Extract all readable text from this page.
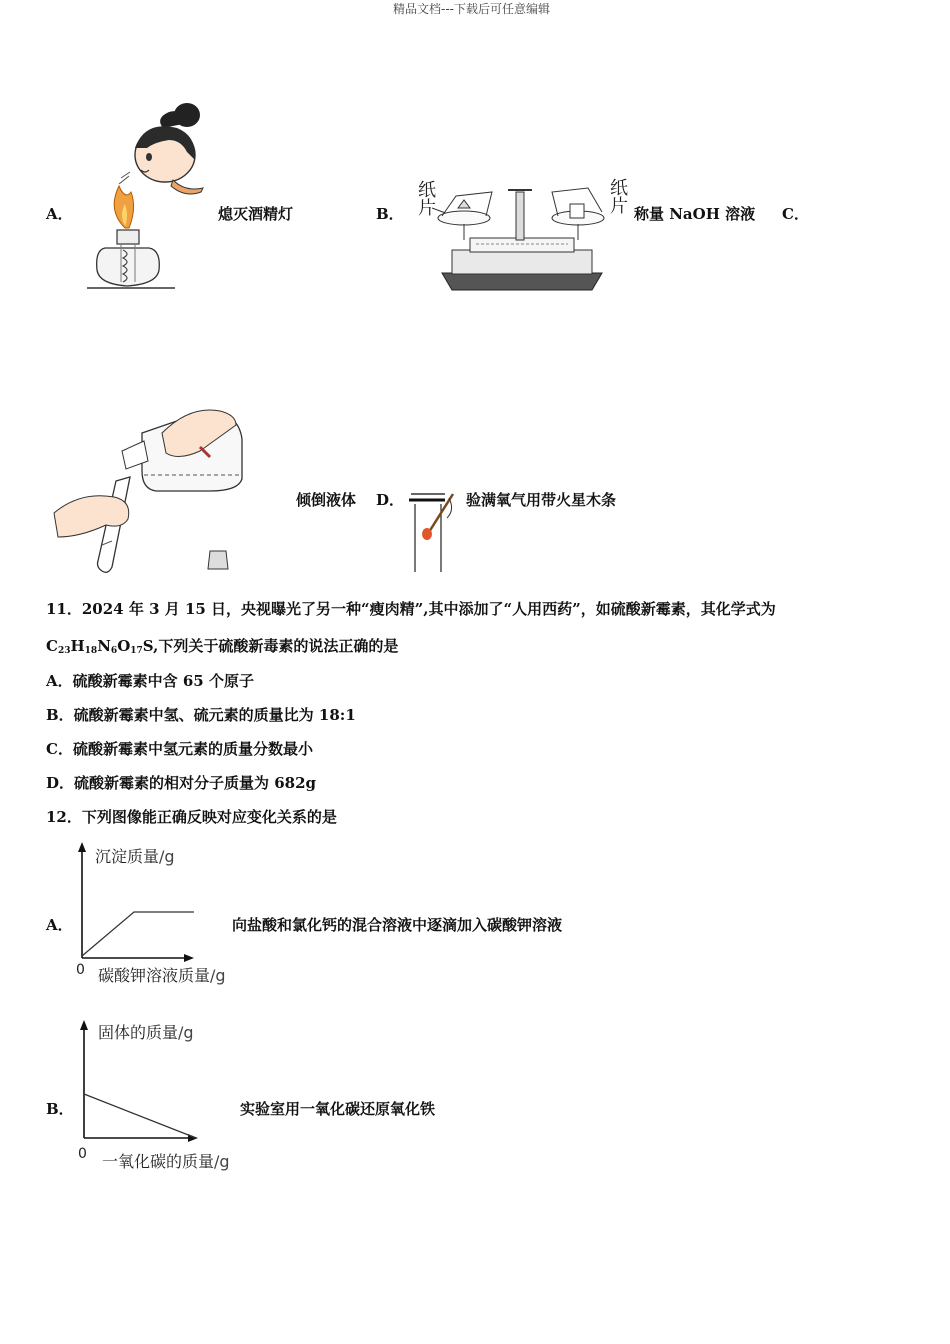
精品文档---下载后可任意编辑
A．	熄灭酒精灯	B． 纸片	纸片 称量 NaOH 溶液 C．
倾倒液体 D．	验满氧气用带火星木条
11．2024 年 3 月 15 日，央视曝光了另一种“瘦肉精”,其中添加了“人用西药”，如硫酸新霉素，其化学式为
$C_{23}H_{18}N_6O_{17}S$,下列关于硫酸新毒素的说法正确的是
A．硫酸新霉素中含 65 个原子
B．硫酸新霉素中氢、硫元素的质量比为 18:1
C．硫酸新霉素中氢元素的质量分数最小
D．硫酸新霉素的相对分子质量为 682g
12．下列图像能正确反映对应变化关系的是
沉淀质量/g
0 碳酸钾溶液质量/g
A．	向盐酸和氯化钙的混合溶液中逐滴加入碳酸钾溶液
固体的质量/g
0 一氧化碳的质量/g
B．	实验室用一氧化碳还原氧化铁
